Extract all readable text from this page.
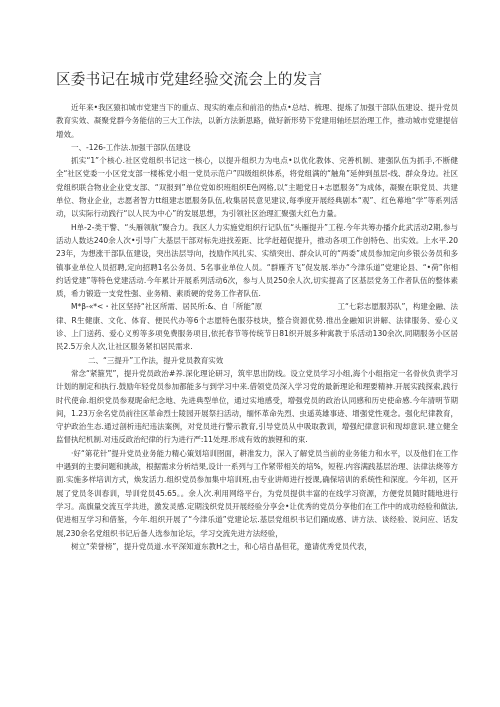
区委书记在城市党建经验交流会上的发言

近年来•我区猿扣城市党建当下的重点、现实的难点和前沿的热点•总结、梳理、提炼了加强干部队伍建设、提升党员教育实效、凝聚党群今务能信的三大工作法，以新方法新思路，做好新形势下党建用轴坯层治理工作，推动城市党建提信增效。

一、-126-工作法.加强干部队伍建设

抓实“1”个核心.社区党组织书记这一核心，以提升组织力为电点•以优化教体、完善机制、建强队伍为抓手,不断健全“社区党委一小区党支部一楼栋党小组一党员示范户”四级组织体系，将党组满的“触角”延伸到虽层-线、群众身边。社区党组织联合物业企业党支部、“双报到”单位党如织班组织E色网格,以“主题党日+志愿服务”为成体，凝聚在职党员、共建单位、物业企业，志愿者智力tt组建志愿服务队伍,收集居民意见建议,每季度开展经典剧本“观”、红色幕地“学”等系列活动，以实际行动践行“以人民为中心”的发展思想，为引领社区治理汇聚强大红色力量。

H单-2-类干警、“头雁领航”聚合力。我区人力实施党组织行记队伍“头雁提升”工程.今年共筹办播介此武活动2期,参与活动人数达240余人次•引导广大基层干部对标先进找差距、比学赶超促提升，推动各项工作创特色、出实效。上水平.2023年，为想涨干部队伍建设，突出法层导向，技励作风扎实、实绩突出、群众认可的“两委”成员参加定向乡银公务员和多镇事业单位人员招聘,定向招聘1名公务员、5名事业单位人员。“群雁齐飞”促发展.举办“今津乐道”党建论县、“•荷”你相约话党建”等特色党建活动.今年累计开展系列活动6次，参与人员250余人次,切实提高了区基层党务工作者队伍的整体素质，希力锻造一支党性强、业务精、素质硬的党务工作者队伍.

M*β-«*<・社区坚持“社区所需、居民所:&、自「所能”原　　　　　　　　　　工“七彩志愿服苏队”，构建金融、法律、R生健康、文化、体育、便民代办等6个志愿特色服芬枝块，整合资源优势.推出金融知识讲解、法律服务、爱心义诊、上门送药、爱心义剪等多项免费服务项目,依托春节等传统节日81织开展多种寓教于乐活动130余次,同期服务小区居民2.5万余人次,让社区服务紧扣居民需求.

二、“三提升”工作法，提升党员教育实效

常念“紧箍咒”，提升党员政治#养.深化理论研习，筑牢思出防线。设立党员学习小组,海个小组指定一名骨伙负责学习计划的制定和执行.鼓励年轻党员参加都能多与到学习中来.借领党员深入学习党的最新理论和理要精神.开展实践探索,践行时代使命.组织党员参观昵命纪念地、先进典型单位，通过实地感受，增强党员的政治认同感和历史使命感.今年清明节期间，1.23万余名党员前往区革命烈士陵园开展祭扫活动，缅怀革命先烈、虫遥英雄事迹、增强党性观念。强化纪律教育，守护政治生态.通过剖析违纪违法案例，对党员进行警示教育,引导党员从中吸取教训，增强纪律意识和现却意识.建立健全监督执纪机制.对违反政治纪律的行为进行严:11处理.形成有效的族锂和的束.

·好“第花针”提升党员业务能力精心策划培训囹面，耕准发力，深入了解党员当前的业务能力和水平，以及他们在工作中遇到的主要问题和挑战，根据需求分析结果,设计一系列与工作紧带相关的培%，短程.内容满践基层治理、法律法烧等方面.实施多样培训方式，焕发活力.组织党员参加集中培训班,由专业讲师进行授课,确保培训的系统性和深度。今年初，区开展了党员冬训春训，导训党员45.65。。余人次.利用网络平台，为党员提供丰富的在线学习资源，方便党员随时随地进行学习。高旗量交流互学共进，激发灵感.定期浅织党员开展经验分享会•让优秀的党员分享他们在工作中的成功经验和做法,促进相互学习和借鉴，今年.组织开展了“今津乐道”党建论坛.基层党组织书记们踊成感、讲方法、谈经验、说问应、话发展,230余名党组织书记后备人选参加论坛，学习交流先进方法经验，

树立“荣誉榜”，提升党员道.水平深知道东教H之士，和心培自晶但花，邀请优秀党员代表，
